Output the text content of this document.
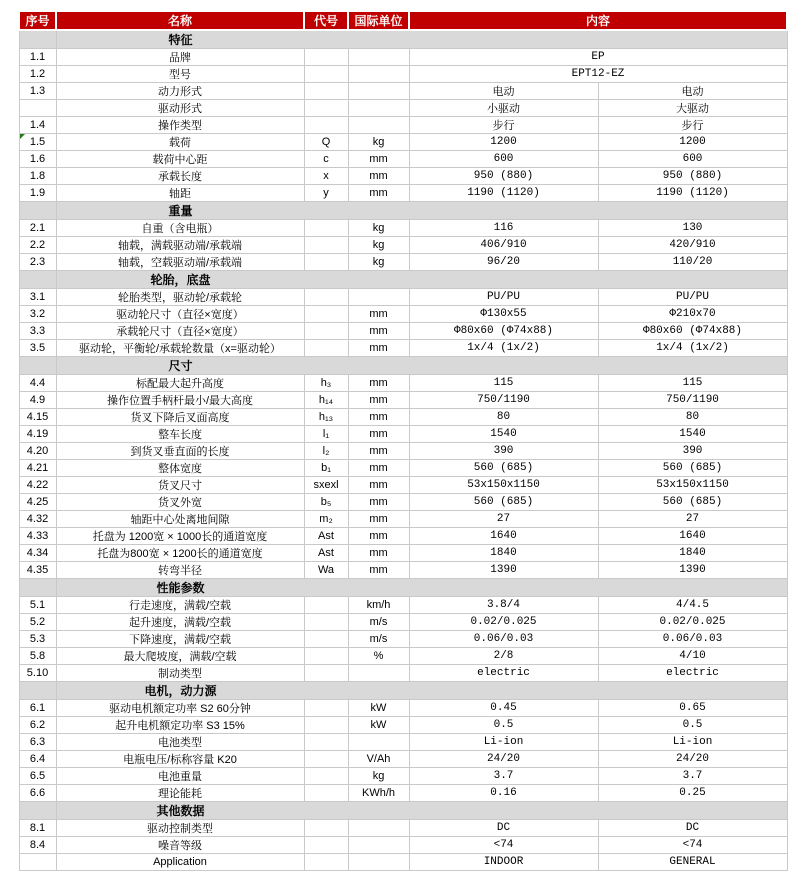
序号	名称	代号	国际单位	内容	

	特征				

1.1	品牌			EP	
1.2	型号			EPT12-EZ	
1.3	动力形式			电动	电动
	驱动形式			小驱动	大驱动
1.4	操作类型			步行	步行

1.5	载荷	Q	kg	1200	1200
1.6	载荷中心距	c	mm	600	600
1.8	承载长度	x	mm	950 (880)	950 (880)
1.9	轴距	y	mm	1190 (1120)	1190 (1120)

	重量				

2.1	自重（含电瓶）		kg	116	130
2.2	轴载，满载驱动端/承载端		kg	406/910	420/910
2.3	轴载，空载驱动端/承载端		kg	96/20	110/20

	轮胎，底盘				

3.1	轮胎类型，驱动轮/承载轮			PU/PU	PU/PU
3.2	驱动轮尺寸（直径×宽度）		mm	Φ130x55	Φ210x70
3.3	承载轮尺寸（直径×宽度）		mm	Φ80x60 (Φ74x88)	Φ80x60 (Φ74x88)
3.5	驱动轮，平衡轮/承载轮数量（x=驱动轮）		mm	1x/4 (1x/2)	1x/4 (1x/2)

	尺寸				

4.4	标配最大起升高度	h₃	mm	115	115
4.9	操作位置手柄杆最小/最大高度	h₁₄	mm	750/1190	750/1190
4.15	货叉下降后叉面高度	h₁₃	mm	80	80
4.19	整车长度	l₁	mm	1540	1540
4.20	到货叉垂直面的长度	l₂	mm	390	390
4.21	整体宽度	b₁	mm	560 (685)	560 (685)
4.22	货叉尺寸	sxexl	mm	53x150x1150	53x150x1150
4.25	货叉外宽	b₅	mm	560 (685)	560 (685)
4.32	轴距中心处离地间隙	m₂	mm	27	27
4.33	托盘为 1200宽 × 1000长的通道宽度	Ast	mm	1640	1640
4.34	托盘为800宽 × 1200长的通道宽度	Ast	mm	1840	1840
4.35	转弯半径	Wa	mm	1390	1390

	性能参数				

5.1	行走速度，满载/空载		km/h	3.8/4	4/4.5
5.2	起升速度，满载/空载		m/s	0.02/0.025	0.02/0.025
5.3	下降速度，满载/空载		m/s	0.06/0.03	0.06/0.03
5.8	最大爬坡度，满载/空载		%	2/8	4/10
5.10	制动类型			electric	electric

	电机，动力源				

6.1	驱动电机额定功率 S2 60分钟		kW	0.45	0.65
6.2	起升电机额定功率 S3 15%		kW	0.5	0.5
6.3	电池类型			Li-ion	Li-ion
6.4	电瓶电压/标称容量 K20		V/Ah	24/20	24/20
6.5	电池重量		kg	3.7	3.7
6.6	理论能耗		KWh/h	0.16	0.25

	其他数据				

8.1	驱动控制类型			DC	DC
8.4	噪音等级			<74	<74
	Application			INDOOR	GENERAL
